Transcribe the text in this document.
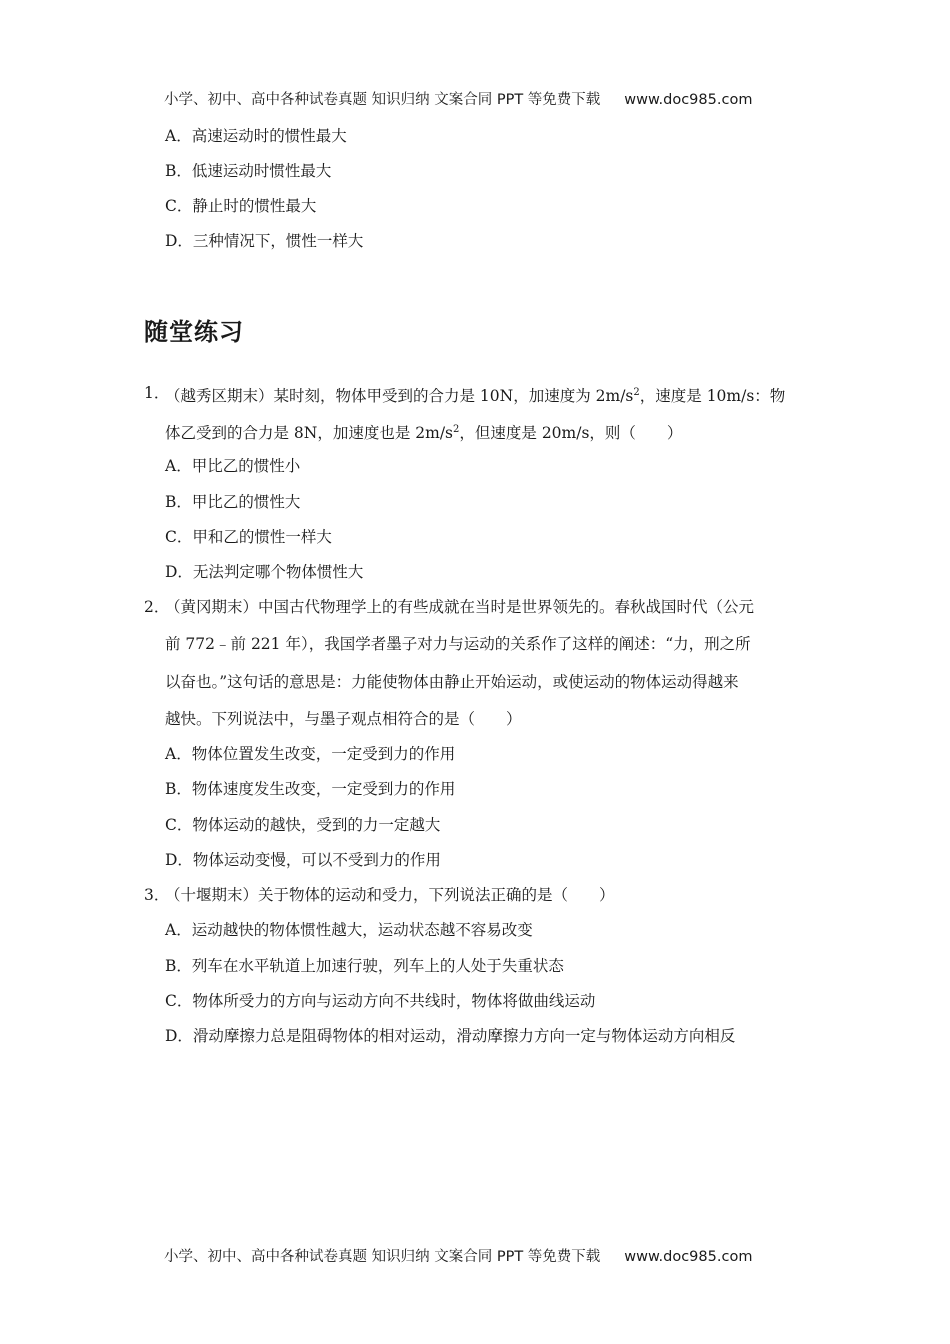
小学、初中、高中各种试卷真题 知识归纳 文案合同 PPT 等免费下载 www.doc985.com
A．高速运动时的惯性最大
B．低速运动时惯性最大
C．静止时的惯性最大
D．三种情况下，惯性一样大
随堂练习
1．
（越秀区期末）某时刻，物体甲受到的合力是 10N，加速度为 $2m/s^2$，速度是 10m/s：物
体乙受到的合力是 8N，加速度也是 $2m/s^2$，但速度是 20m/s，则（　　）
A．甲比乙的惯性小
B．甲比乙的惯性大
C．甲和乙的惯性一样大
D．无法判定哪个物体惯性大
2．
（黄冈期末）中国古代物理学上的有些成就在当时是世界领先的。春秋战国时代（公元
前 772﹣前 221 年），我国学者墨子对力与运动的关系作了这样的阐述：“力，刑之所
以奋也。”这句话的意思是：力能使物体由静止开始运动，或使运动的物体运动得越来
越快。下列说法中，与墨子观点相符合的是（　　）
A．物体位置发生改变，一定受到力的作用
B．物体速度发生改变，一定受到力的作用
C．物体运动的越快，受到的力一定越大
D．物体运动变慢，可以不受到力的作用
3．
（十堰期末）关于物体的运动和受力，下列说法正确的是（　　）
A．运动越快的物体惯性越大，运动状态越不容易改变
B．列车在水平轨道上加速行驶，列车上的人处于失重状态
C．物体所受力的方向与运动方向不共线时，物体将做曲线运动
D．滑动摩擦力总是阻碍物体的相对运动，滑动摩擦力方向一定与物体运动方向相反
小学、初中、高中各种试卷真题 知识归纳 文案合同 PPT 等免费下载 www.doc985.com
